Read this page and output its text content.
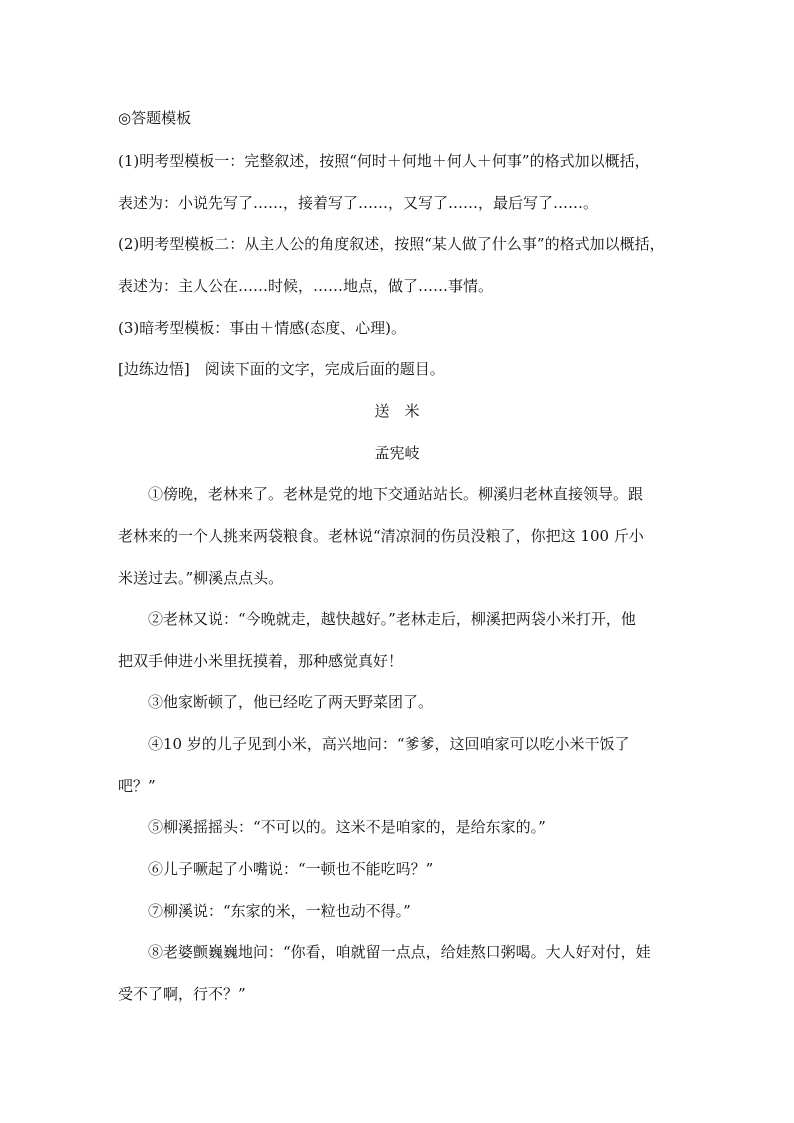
◎答题模板
(1)明考型模板一：完整叙述，按照“何时＋何地＋何人＋何事”的格式加以概括，
表述为：小说先写了……，接着写了……，又写了……，最后写了……。
(2)明考型模板二：从主人公的角度叙述，按照“某人做了什么事”的格式加以概括，
表述为：主人公在……时候，……地点，做了……事情。
(3)暗考型模板：事由＋情感(态度、心理)。
[边练边悟]　阅读下面的文字，完成后面的题目。
送　米
孟宪岐
①傍晚，老林来了。老林是党的地下交通站站长。柳溪归老林直接领导。跟
老林来的一个人挑来两袋粮食。老林说“清凉洞的伤员没粮了，你把这 100 斤小
米送过去。”柳溪点点头。
②老林又说：“今晚就走，越快越好。”老林走后，柳溪把两袋小米打开，他
把双手伸进小米里抚摸着，那种感觉真好！
③他家断顿了，他已经吃了两天野菜团了。
④10 岁的儿子见到小米，高兴地问：“爹爹，这回咱家可以吃小米干饭了
吧？”
⑤柳溪摇摇头：“不可以的。这米不是咱家的，是给东家的。”
⑥儿子噘起了小嘴说：“一顿也不能吃吗？”
⑦柳溪说：“东家的米，一粒也动不得。”
⑧老婆颤巍巍地问：“你看，咱就留一点点，给娃熬口粥喝。大人好对付，娃
受不了啊，行不？”
